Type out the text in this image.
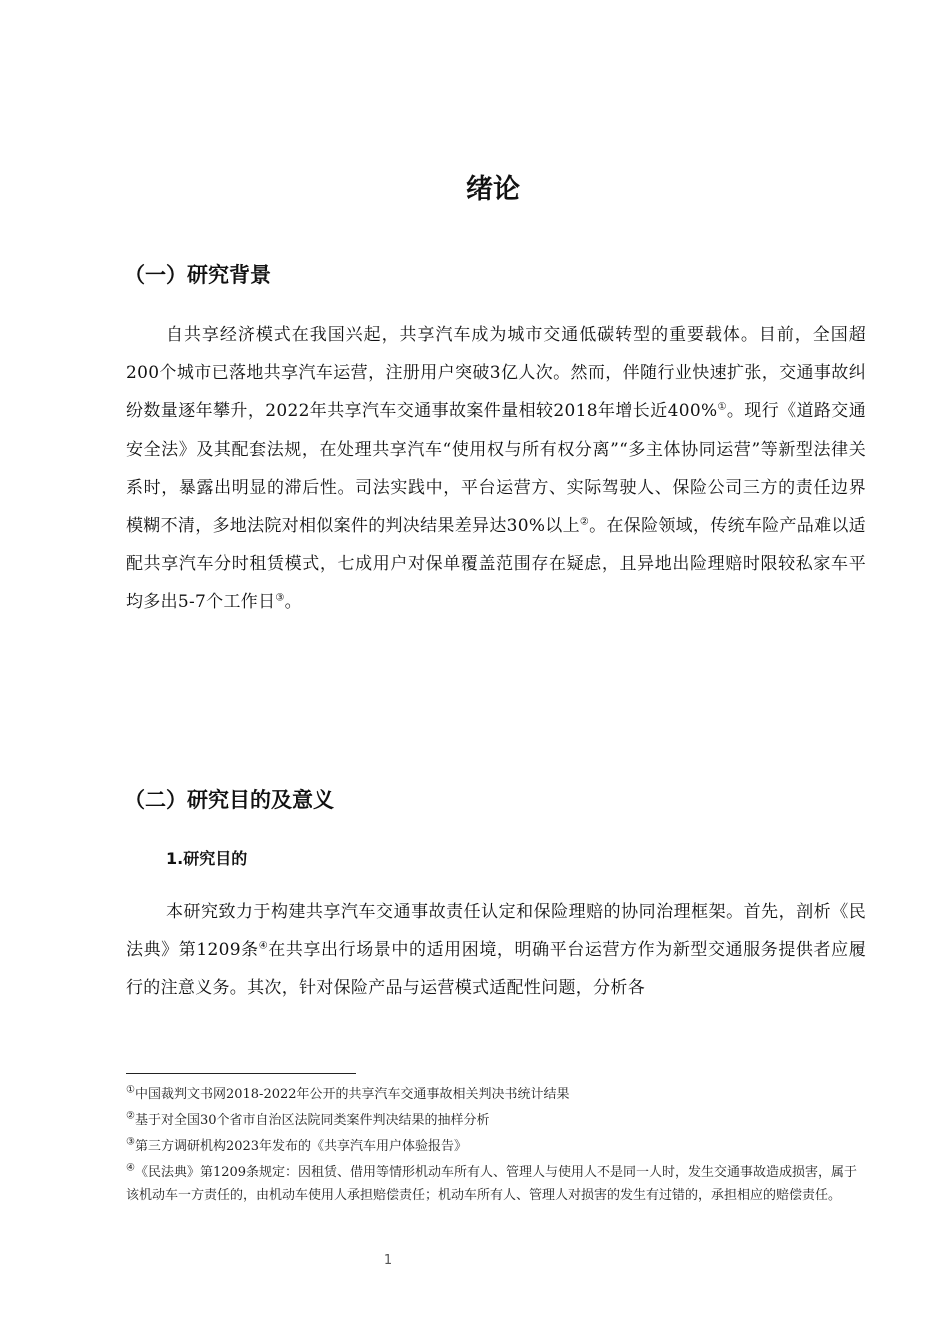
绪论
（一）研究背景

自共享经济模式在我国兴起，共享汽车成为城市交通低碳转型的重要载体。目前，全国超200个城市已落地共享汽车运营，注册用户突破3亿人次。然而，伴随行业快速扩张，交通事故纠纷数量逐年攀升，2022年共享汽车交通事故案件量相较2018年增长近400%①。现行《道路交通安全法》及其配套法规，在处理共享汽车“使用权与所有权分离”“多主体协同运营”等新型法律关系时，暴露出明显的滞后性。司法实践中，平台运营方、实际驾驶人、保险公司三方的责任边界模糊不清，多地法院对相似案件的判决结果差异达30%以上②。在保险领域，传统车险产品难以适配共享汽车分时租赁模式，七成用户对保单覆盖范围存在疑虑，且异地出险理赔时限较私家车平均多出5-7个工作日③。

（二）研究目的及意义
1.研究目的

本研究致力于构建共享汽车交通事故责任认定和保险理赔的协同治理框架。首先，剖析《民法典》第1209条④在共享出行场景中的适用困境，明确平台运营方作为新型交通服务提供者应履行的注意义务。其次，针对保险产品与运营模式适配性问题，分析各

①中国裁判文书网2018-2022年公开的共享汽车交通事故相关判决书统计结果

②基于对全国30个省市自治区法院同类案件判决结果的抽样分析

③第三方调研机构2023年发布的《共享汽车用户体验报告》

④《民法典》第1209条规定：因租赁、借用等情形机动车所有人、管理人与使用人不是同一人时，发生交通事故造成损害，属于该机动车一方责任的，由机动车使用人承担赔偿责任；机动车所有人、管理人对损害的发生有过错的，承担相应的赔偿责任。

1
